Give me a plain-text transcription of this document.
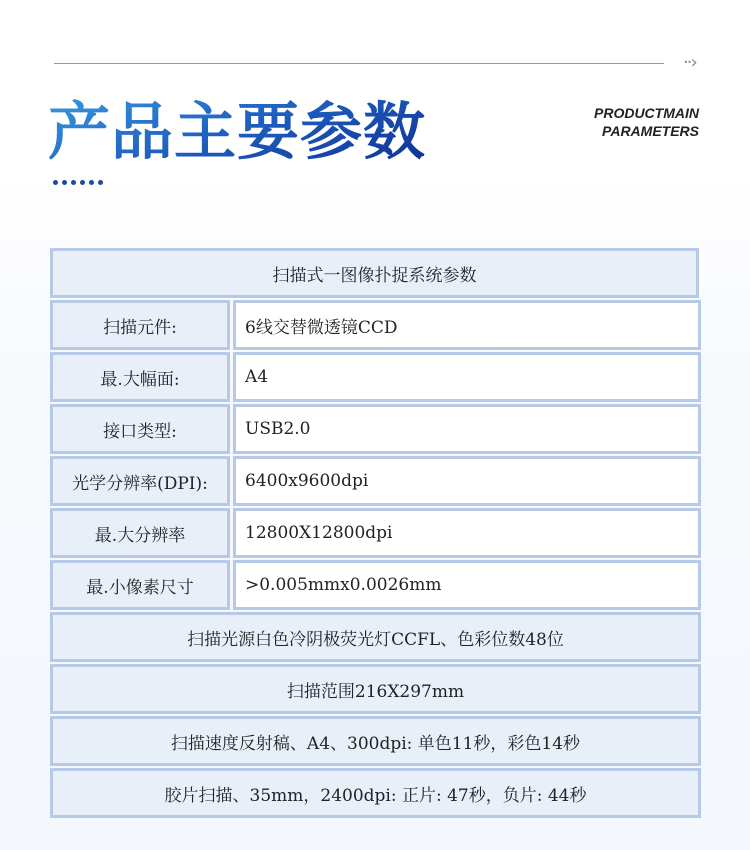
··›
产品主要参数	PRODUCTMAIN
PARAMETERS
扫描式一图像扑捉系统参数
扫描元件:	6线交替微透镜CCD
最.大幅面:	A4
接口类型:	USB2.0
光学分辨率(DPI):	6400x9600dpi
最.大分辨率	12800X12800dpi
最.小像素尺寸	>0.005mmx0.0026mm
扫描光源白色冷阴极荧光灯CCFL、色彩位数48位
扫描范围216X297mm
扫描速度反射稿、A4、300dpi: 单色11秒，彩色14秒
胶片扫描、35mm，2400dpi: 正片: 47秒，负片: 44秒
